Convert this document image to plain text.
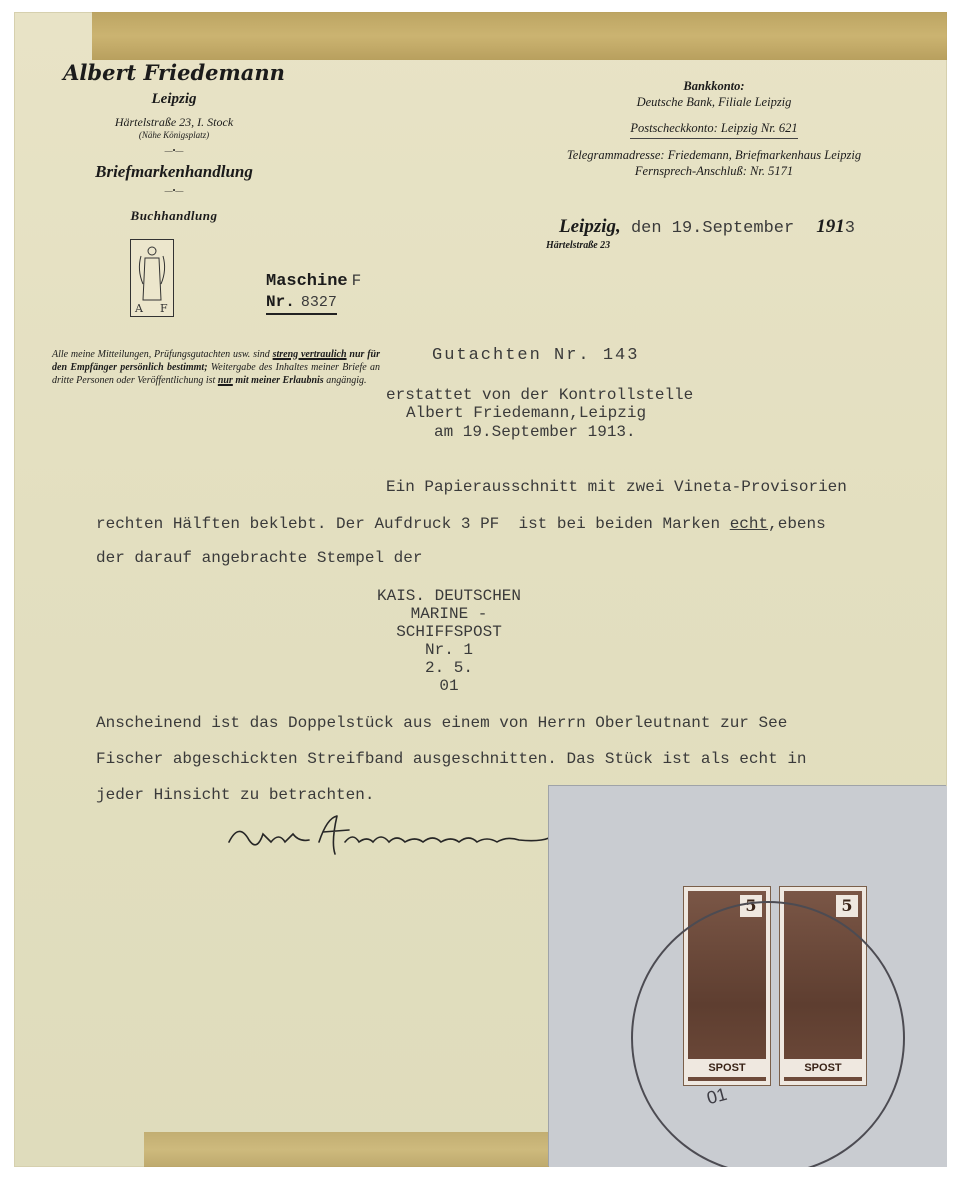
Albert Friedemann

Leipzig

Härtelstraße 23, I. Stock

(Nähe Königsplatz)

—•—

Briefmarkenhandlung

—•—

Buchhandlung

A F

Bankkonto:

Deutsche Bank, Filiale Leipzig

Postscheckkonto: Leipzig Nr. 621

Telegrammadresse: Friedemann, Briefmarkenhaus Leipzig

Fernsprech-Anschluß: Nr. 5171

Leipzig, den 19.September 1913
Härtelstraße 23
Maschine F
Nr. 8327
Alle meine Mitteilungen, Prüfungsgutachten usw. sind streng vertraulich nur für den Empfänger persönlich bestimmt; Weitergabe des Inhaltes meiner Briefe an dritte Personen oder Veröffentlichung ist nur mit meiner Erlaubnis angängig.
Gutachten Nr. 143
erstattet von der Kontrollstelle
Albert Friedemann,Leipzig
am 19.September 1913.
Ein Papierausschnitt mit zwei Vineta-Provisorien
rechten Hälften beklebt. Der Aufdruck 3 PF  ist bei beiden Marken echt,ebens
der darauf angebrachte Stempel der
KAIS. DEUTSCHEN
MARINE -
SCHIFFSPOST
Nr. 1
2. 5.
01
Anscheinend ist das Doppelstück aus einem von Herrn Oberleutnant zur See
Fischer abgeschickten Streifband ausgeschnitten. Das Stück ist als echt in
jeder Hinsicht zu betrachten.
5
SPOST
5
SPOST
01
